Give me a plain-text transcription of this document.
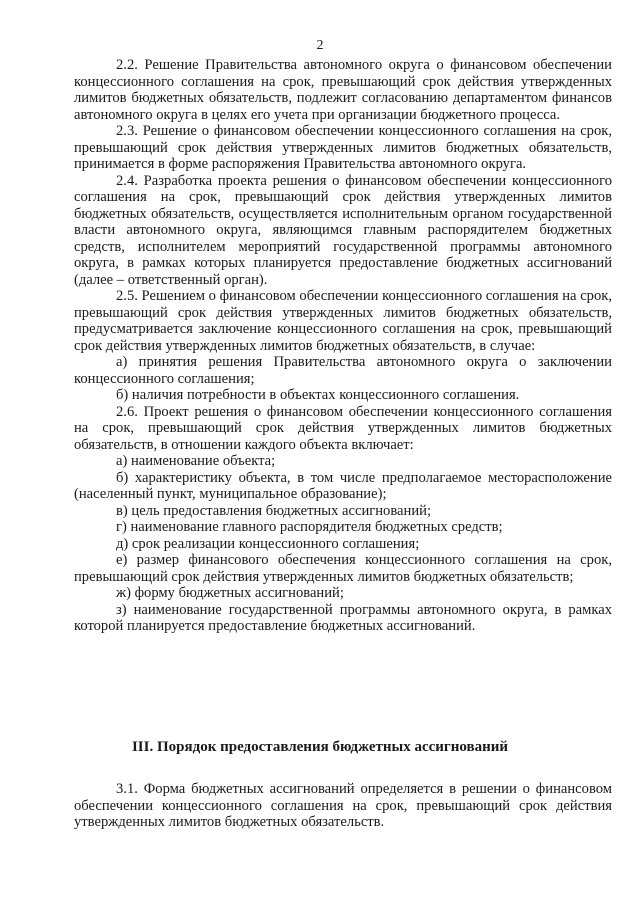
2

2.2. Решение Правительства автономного округа о финансовом обеспечении концессионного соглашения на срок, превышающий срок действия утвержденных лимитов бюджетных обязательств, подлежит согласованию департаментом финансов автономного округа в целях его учета при организации бюджетного процесса.

2.3. Решение о финансовом обеспечении концессионного соглашения на срок, превышающий срок действия утвержденных лимитов бюджетных обязательств, принимается в форме распоряжения Правительства автономного округа.

2.4. Разработка проекта решения о финансовом обеспечении концессионного соглашения на срок, превышающий срок действия утвержденных лимитов бюджетных обязательств, осуществляется исполнительным органом государственной власти автономного округа, являющимся главным распорядителем бюджетных средств, исполнителем мероприятий государственной программы автономного округа, в рамках которых планируется предоставление бюджетных ассигнований (далее – ответственный орган).

2.5. Решением о финансовом обеспечении концессионного соглашения на срок, превышающий срок действия утвержденных лимитов бюджетных обязательств, предусматривается заключение концессионного соглашения на срок, превышающий срок действия утвержденных лимитов бюджетных обязательств, в случае:

а) принятия решения Правительства автономного округа о заключении концессионного соглашения;

б) наличия потребности в объектах концессионного соглашения.

2.6. Проект решения о финансовом обеспечении концессионного соглашения на срок, превышающий срок действия утвержденных лимитов бюджетных обязательств, в отношении каждого объекта включает:

а) наименование объекта;

б) характеристику объекта, в том числе предполагаемое месторасположение (населенный пункт, муниципальное образование);

в) цель предоставления бюджетных ассигнований;

г) наименование главного распорядителя бюджетных средств;

д) срок реализации концессионного соглашения;

е) размер финансового обеспечения концессионного соглашения на срок, превышающий срок действия утвержденных лимитов бюджетных обязательств;

ж) форму бюджетных ассигнований;

з) наименование государственной программы автономного округа, в рамках которой планируется предоставление бюджетных ассигнований.

III. Порядок предоставления бюджетных ассигнований

3.1. Форма бюджетных ассигнований определяется в решении о финансовом обеспечении концессионного соглашения на срок, превышающий срок действия утвержденных лимитов бюджетных обязательств.
